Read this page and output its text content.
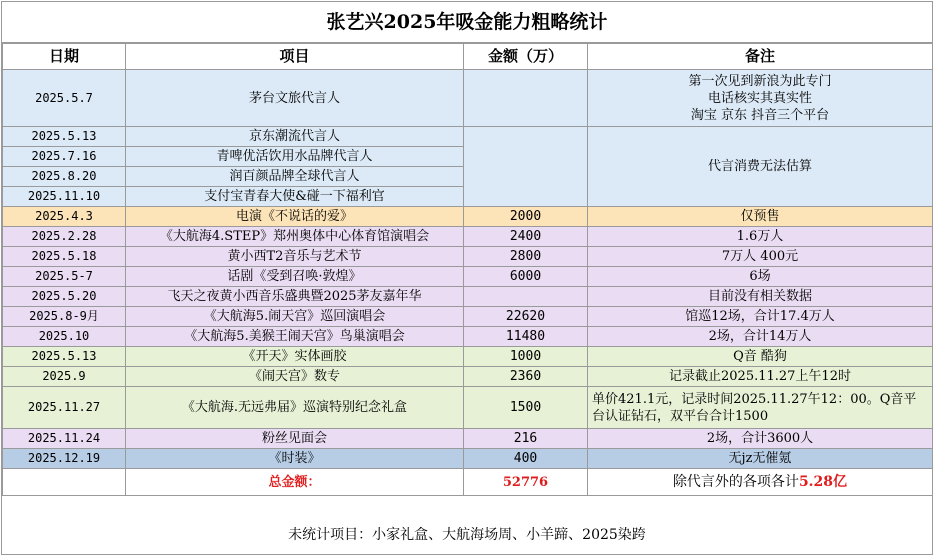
张艺兴2025年吸金能力粗略统计
日期	项目	金额（万）	备注
2025.5.7	茅台文旅代言人		第一次见到新浪为此专门
电话核实其真实性
淘宝 京东 抖音三个平台

2025.5.13	京东潮流代言人		代言消费无法估算
2025.7.16	青啤优活饮用水品牌代言人		
2025.8.20	润百颜品牌全球代言人		
2025.11.10	支付宝青春大使&碰一下福利官		
2025.4.3	电演《不说话的爱》	2000	仅预售
2025.2.28	《大航海4.STEP》郑州奥体中心体育馆演唱会	2400	1.6万人
2025.5.18	黄小西T2音乐与艺术节	2800	7万人 400元
2025.5-7	话剧《受到召唤·敦煌》	6000	6场
2025.5.20	飞天之夜黄小西音乐盛典暨2025茅友嘉年华		目前没有相关数据
2025.8-9月	《大航海5.闹天宫》巡回演唱会	22620	馆巡12场，合计17.4万人
2025.10	《大航海5.美猴王闹天宫》鸟巢演唱会	11480	2场，合计14万人
2025.5.13	《开天》实体画胶	1000	Q音 酷狗
2025.9	《闹天宫》数专	2360	记录截止2025.11.27上午12时
2025.11.27	《大航海.无远弗届》巡演特别纪念礼盒	1500	单价421.1元，记录时间2025.11.27午12：00。Q音平
台认证钻石，双平台合计1500

2025.11.24	粉丝见面会	216	2场，合计3600人
2025.12.19	《时装》	400	无jz无催氪
	总金额：	52776	除代言外的各项各计5.28亿
未统计项目：小家礼盒、大航海场周、小羊蹄、2025染跨
